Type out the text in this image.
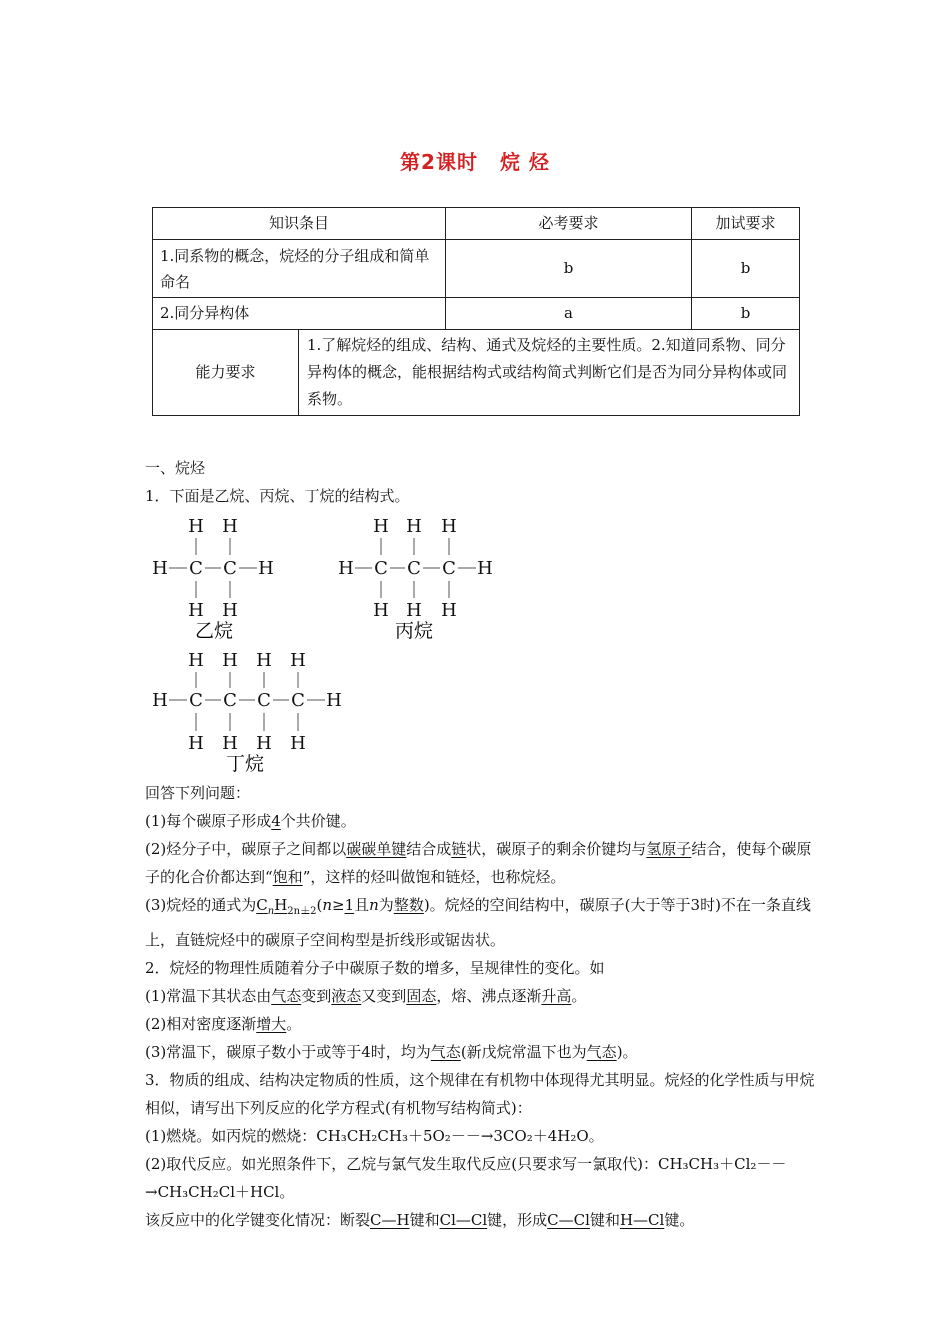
第2课时 烷 烃
知识条目		必考要求	加试要求
1.同系物的概念，烷烃的分子组成和简单命名		b	b
2.同分异构体		a	b
能力要求	1.了解烷烃的组成、结构、通式及烷烃的主要性质。2.知道同系物、同分异构体的概念，能根据结构式或结构简式判断它们是否为同分异构体或同系物。		
一、烷烃
1．下面是乙烷、丙烷、丁烷的结构式。
H H
H C C H
H H
乙烷
H H H
H C C C H
H H H
丙烷
H H H H
H C C C C H
H H H H
丁烷
回答下列问题：
(1)每个碳原子形成4个共价键。
(2)烃分子中，碳原子之间都以碳碳单键结合成链状，碳原子的剩余价键均与氢原子结合，使每个碳原子的化合价都达到“饱和”，这样的烃叫做饱和链烃，也称烷烃。
(3)烷烃的通式为$C_nH_{2n+2}(n\ge 1$且n为整数)。烷烃的空间结构中，碳原子(大于等于3时)不在一条直线上，直链烷烃中的碳原子空间构型是折线形或锯齿状。
2．烷烃的物理性质随着分子中碳原子数的增多，呈规律性的变化。如
(1)常温下其状态由气态变到液态又变到固态，熔、沸点逐渐升高。
(2)相对密度逐渐增大。
(3)常温下，碳原子数小于或等于4时，均为气态(新戊烷常温下也为气态)。
3．物质的组成、结构决定物质的性质，这个规律在有机物中体现得尤其明显。烷烃的化学性质与甲烷相似，请写出下列反应的化学方程式(有机物写结构简式)：
(1)燃烧。如丙烷的燃烧：CH₃CH₂CH₃＋5O₂－－→3CO₂＋4H₂O。
(2)取代反应。如光照条件下，乙烷与氯气发生取代反应(只要求写一氯取代)：CH₃CH₃＋Cl₂－－→CH₃CH₂Cl＋HCl。
该反应中的化学键变化情况：断裂C—H键和Cl—Cl键，形成C—Cl键和H—Cl键。
